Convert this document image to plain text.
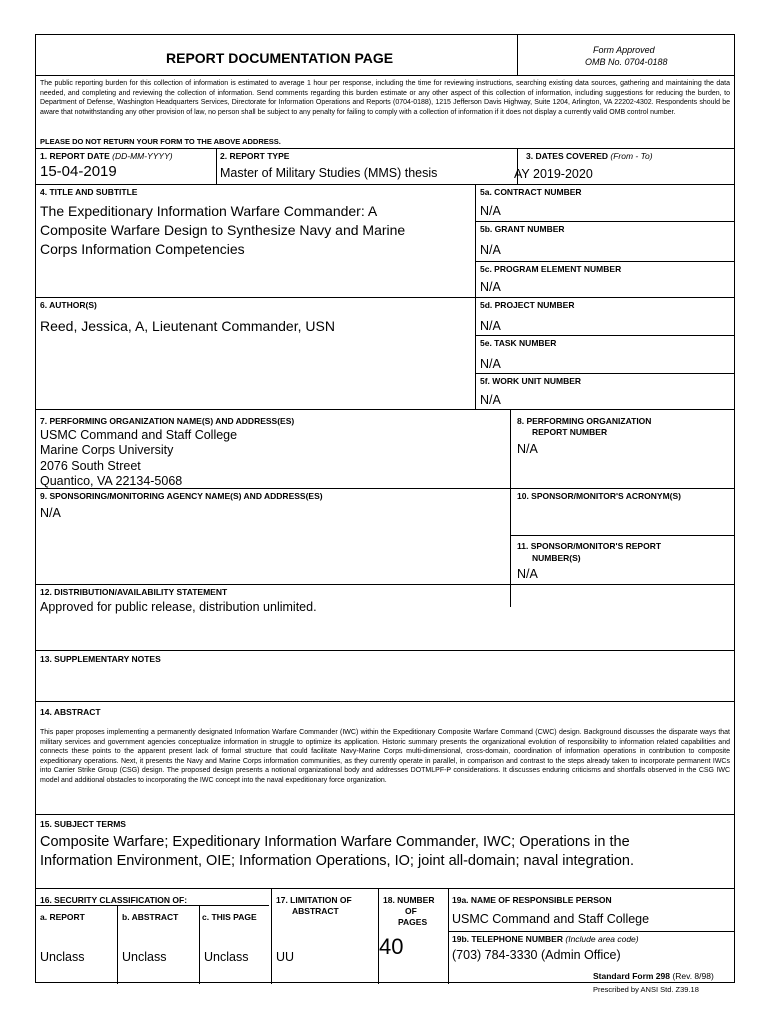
REPORT DOCUMENTATION PAGE	Form Approved
OMB No. 0704-0188
The public reporting burden for this collection of information is estimated to average 1 hour per response, including the time for reviewing instructions, searching existing data sources, gathering and maintaining the data needed, and completing and reviewing the collection of information. Send comments regarding this burden estimate or any other aspect of this collection of information, including suggestions for reducing the burden, to Department of Defense, Washington Headquarters Services, Directorate for Information Operations and Reports (0704-0188), 1215 Jefferson Davis Highway, Suite 1204, Arlington, VA 22202-4302. Respondents should be aware that notwithstanding any other provision of law, no person shall be subject to any penalty for failing to comply with a collection of information if it does not display a currently valid OMB control number.
PLEASE DO NOT RETURN YOUR FORM TO THE ABOVE ADDRESS.
1. REPORT DATE (DD-MM-YYYY)
15-04-2019
2. REPORT TYPE
Master of Military Studies (MMS) thesis
3. DATES COVERED (From - To)
AY 2019-2020
4. TITLE AND SUBTITLE
The Expeditionary Information Warfare Commander: A
Composite Warfare Design to Synthesize Navy and Marine
Corps Information Competencies
5a. CONTRACT NUMBER
N/A
5b. GRANT NUMBER
N/A
5c. PROGRAM ELEMENT NUMBER
N/A
6. AUTHOR(S)
Reed, Jessica, A, Lieutenant Commander, USN
5d. PROJECT NUMBER
N/A
5e. TASK NUMBER
N/A
5f. WORK UNIT NUMBER
N/A
7. PERFORMING ORGANIZATION NAME(S) AND ADDRESS(ES)
USMC Command and Staff College
Marine Corps University
2076 South Street
Quantico, VA 22134-5068
8. PERFORMING ORGANIZATION
REPORT NUMBER
N/A
9. SPONSORING/MONITORING AGENCY NAME(S) AND ADDRESS(ES)
N/A
10. SPONSOR/MONITOR'S ACRONYM(S)
11. SPONSOR/MONITOR'S REPORT
NUMBER(S)
N/A
12. DISTRIBUTION/AVAILABILITY STATEMENT
Approved for public release, distribution unlimited.
13. SUPPLEMENTARY NOTES
14. ABSTRACT
This paper proposes implementing a permanently designated Information Warfare Commander (IWC) within the Expeditionary Composite Warfare Command (CWC) design. Background discusses the disparate ways that military services and government agencies conceptualize information in struggle to optimize its application. Historic summary presents the organizational evolution of responsibility to information related capabilities and connects these points to the apparent present lack of formal structure that could facilitate Navy-Marine Corps multi-dimensional, cross-domain, coordination of information operations in contribution to composite expeditionary operations. Next, it presents the Navy and Marine Corps information communities, as they currently operate in parallel, in comparison and contrast to the steps already taken to incorporate permanent IWCs into Carrier Strike Group (CSG) design. The proposed design presents a notional organizational body and addresses DOTMLPF-P considerations. It discusses enduring criticisms and shortfalls observed in the CSG IWC model and additional obstacles to incorporating the IWC concept into the naval expeditionary force organization.
15. SUBJECT TERMS
Composite Warfare; Expeditionary Information Warfare Commander, IWC; Operations in the
Information Environment, OIE; Information Operations, IO; joint all-domain; naval integration.
16. SECURITY CLASSIFICATION OF:
a. REPORT	b. ABSTRACT	c. THIS PAGE
Unclass	Unclass	Unclass
17. LIMITATION OF
ABSTRACT
UU
18. NUMBER
OF
PAGES
40
19a. NAME OF RESPONSIBLE PERSON
USMC Command and Staff College
19b. TELEPHONE NUMBER (Include area code)
(703) 784-3330 (Admin Office)
Standard Form 298 (Rev. 8/98)
Prescribed by ANSI Std. Z39.18
